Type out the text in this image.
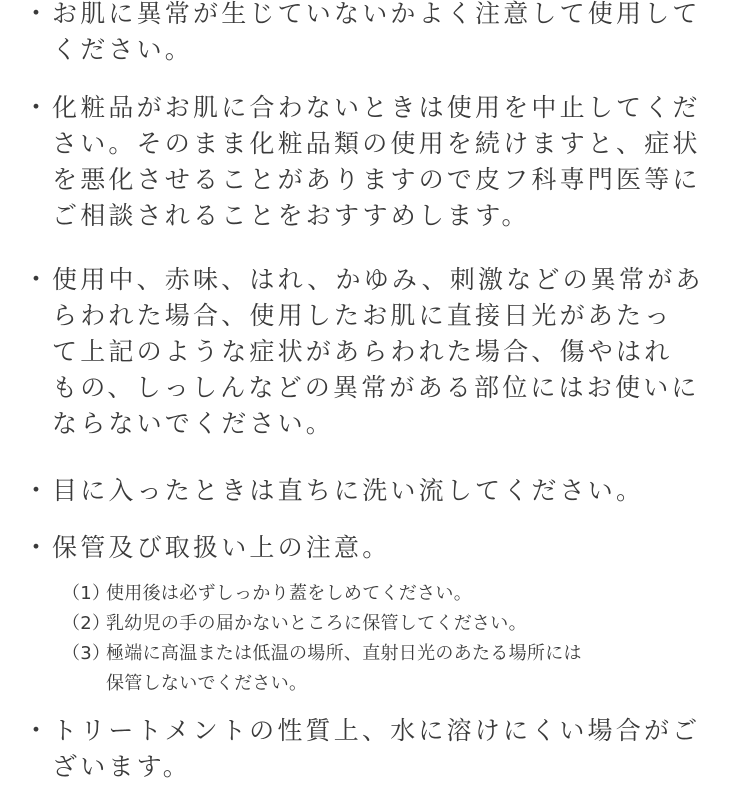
・ お肌に異常が生じていないかよく注意して使用して
ください。
・ 化粧品がお肌に合わないときは使用を中止してくだ
さい。そのまま化粧品類の使用を続けますと、症状
を悪化させることがありますので皮フ科専門医等に
ご相談されることをおすすめします。
・ 使用中、赤味、はれ、かゆみ、刺激などの異常があ
らわれた場合、使用したお肌に直接日光があたっ
て上記のような症状があらわれた場合、傷やはれ
もの、しっしんなどの異常がある部位にはお使いに
ならないでください。
・ 目に入ったときは直ちに洗い流してください。
・ 保管及び取扱い上の注意。
（1）使用後は必ずしっかり蓋をしめてください。
（2）乳幼児の手の届かないところに保管してください。
（3）極端に高温または低温の場所、直射日光のあたる場所には
保管しないでください。
・ トリートメントの性質上、水に溶けにくい場合がご
ざいます。
